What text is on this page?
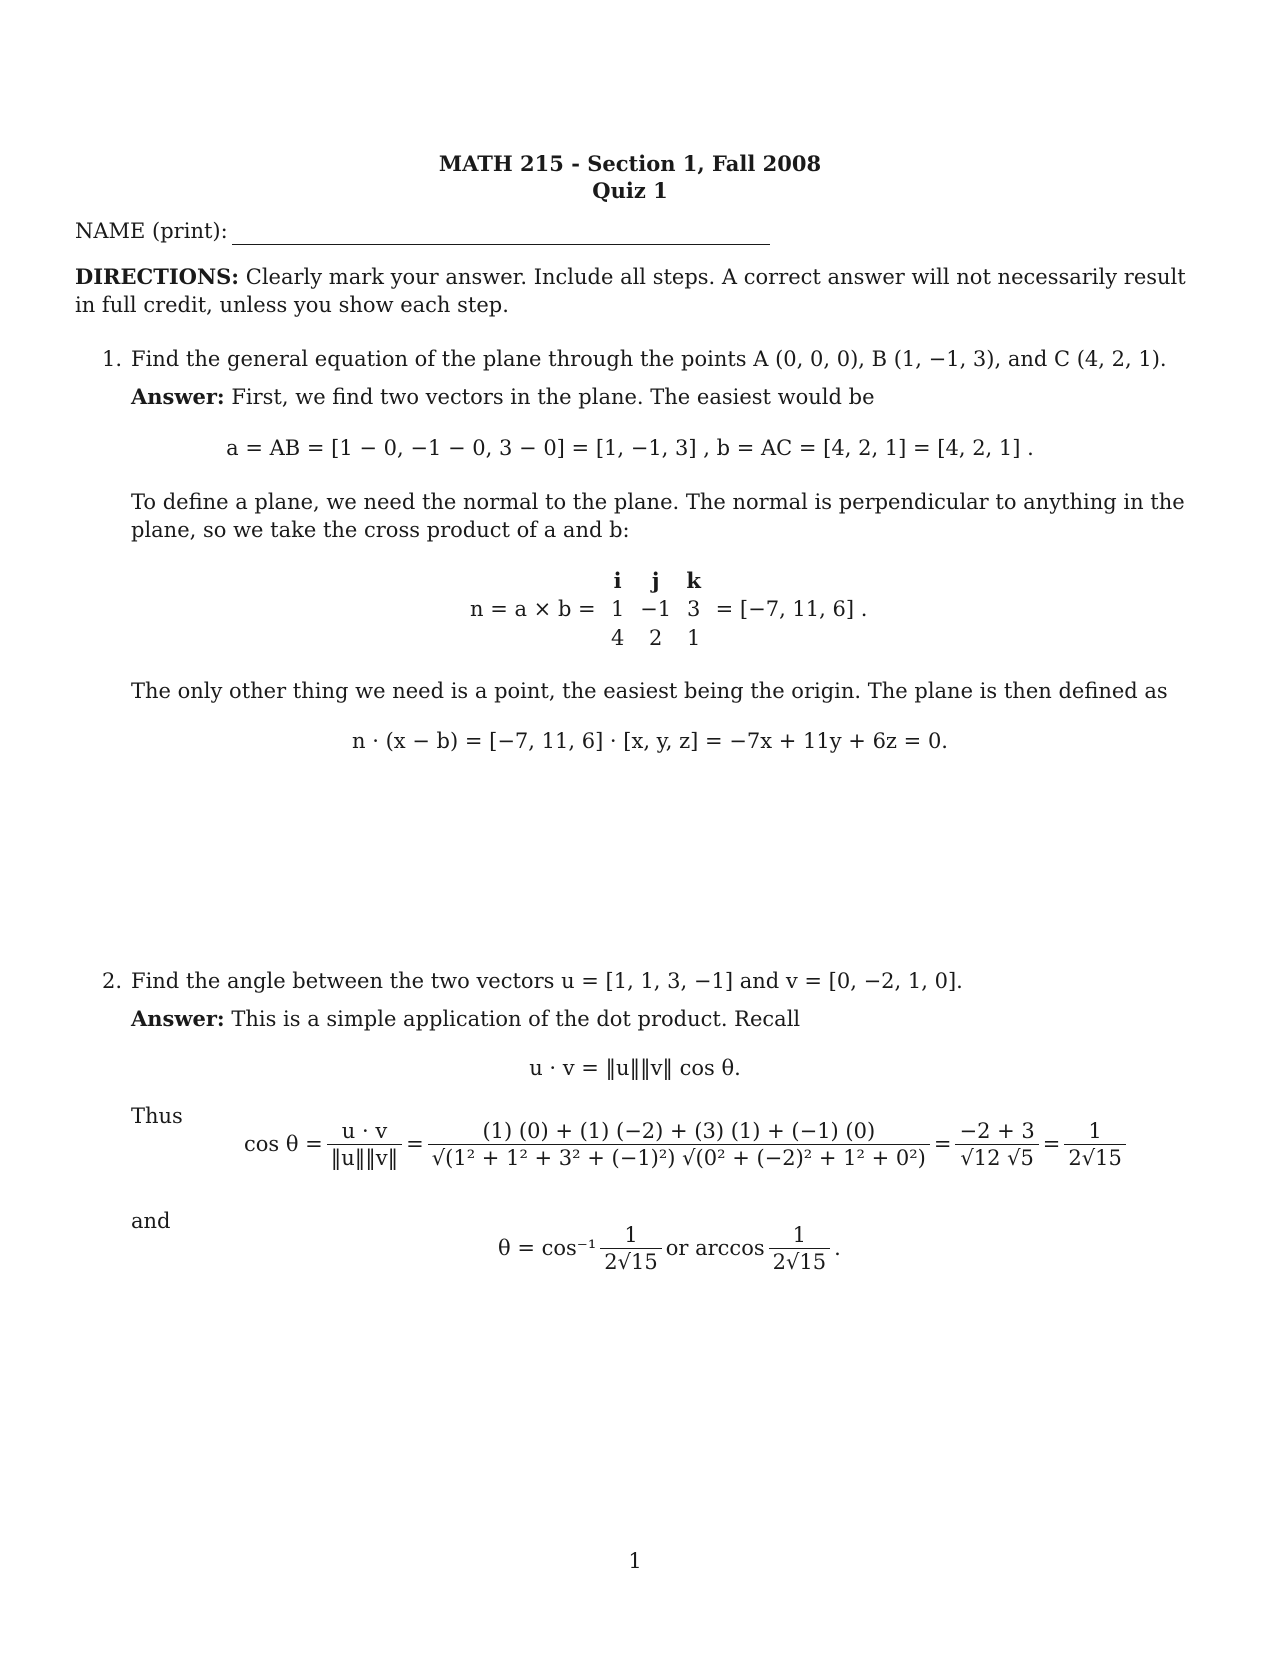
MATH 215 - Section 1, Fall 2008
Quiz 1
NAME (print):
DIRECTIONS: Clearly mark your answer. Include all steps. A correct answer will not necessarily result in full credit, unless you show each step.
1. Find the general equation of the plane through the points A (0, 0, 0), B (1, −1, 3), and C (4, 2, 1).
Answer: First, we find two vectors in the plane. The easiest would be
a = AB = [1 − 0, −1 − 0, 3 − 0] = [1, −1, 3] , b = AC = [4, 2, 1] = [4, 2, 1] .
To define a plane, we need the normal to the plane. The normal is perpendicular to anything in the plane, so we take the cross product of a and b:
n = a × b =
i	j	k
1 −1 3
4	2	1
= [−7, 11, 6] .
The only other thing we need is a point, the easiest being the origin. The plane is then defined as
n · (x − b) = [−7, 11, 6] · [x, y, z] = −7x + 11y + 6z = 0.
2. Find the angle between the two vectors u = [1, 1, 3, −1] and v = [0, −2, 1, 0].
Answer: This is a simple application of the dot product. Recall
u · v = ‖u‖‖v‖ cos θ.
Thus
$\cos \theta = \frac{u \cdot v}{‖u‖‖v‖} = \frac{(1) (0) + (1) (-2) + (3) (1) + (-1) (0)}{\text{√(1² + 1² + 3² + (−1)²) √(0² + (−2)² + 1² + 0²)}} = \frac{-2 + 3}{√12 √5} = \frac{1}{2√15}$
and
$\theta = \cos^{-1} \frac{1}{2√15}$ or $\arccos \frac{1}{2√15}$ .
1
